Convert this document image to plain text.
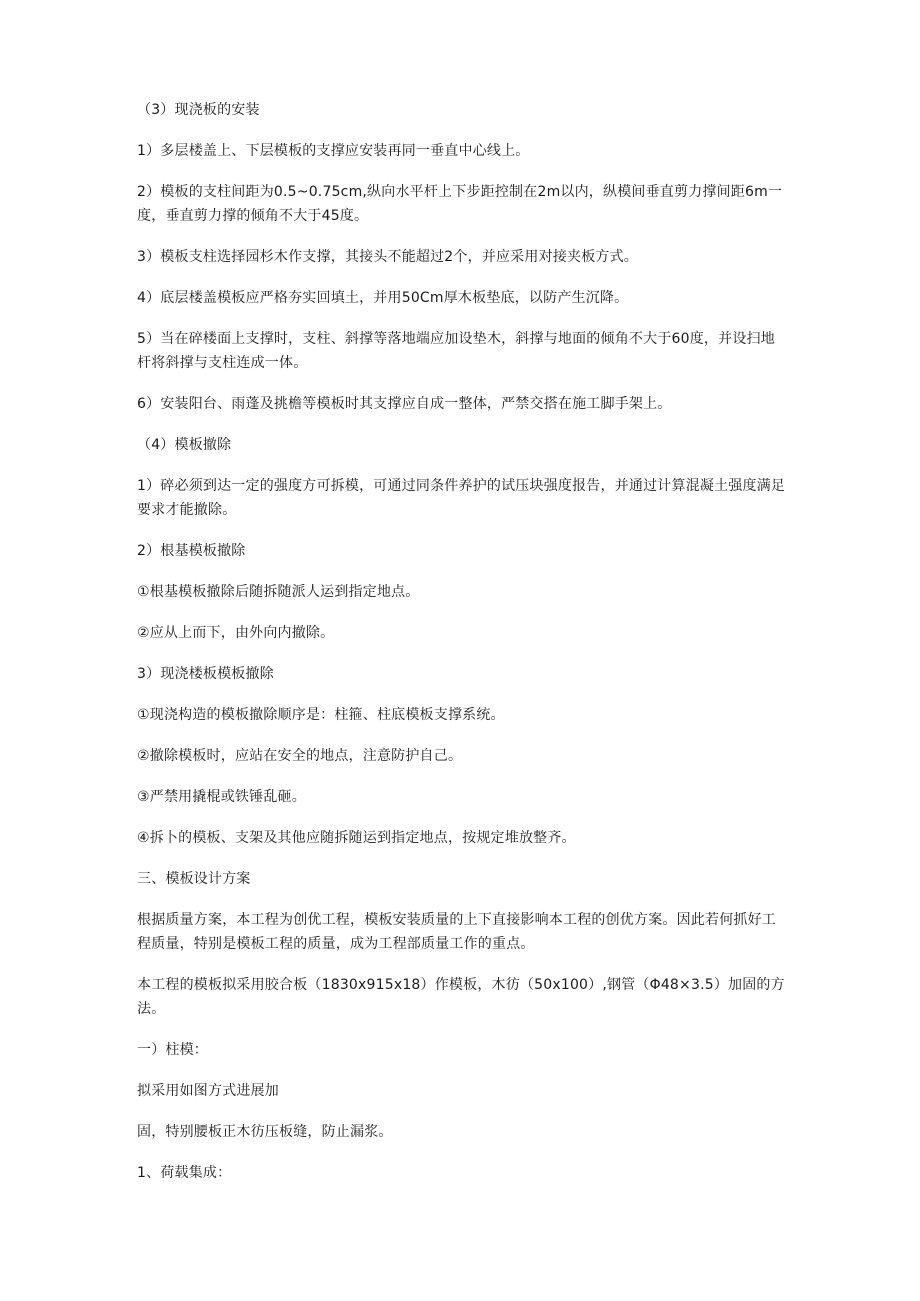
（3）现浇板的安装

1）多层楼盖上、下层模板的支撑应安装再同一垂直中心线上。

2）模板的支柱间距为0.5~0.75cm,纵向水平杆上下步距控制在2m以内，纵模间垂直剪力撑间距6m一度，垂直剪力撑的倾角不大于45度。

3）模板支柱选择园杉木作支撑，其接头不能超过2个，并应采用对接夹板方式。

4）底层楼盖模板应严格夯实回填土，并用50Cm厚木板垫底，以防产生沉降。

5）当在碎楼面上支撑时，支柱、斜撑等落地端应加设垫木，斜撑与地面的倾角不大于60度，并设扫地杆将斜撑与支柱连成一体。

6）安装阳台、雨蓬及挑檐等模板时其支撑应自成一整体，严禁交搭在施工脚手架上。

（4）模板撤除

1）碎必须到达一定的强度方可拆模，可通过同条件养护的试压块强度报告，并通过计算混凝土强度满足要求才能撤除。

2）根基模板撤除

①根基模板撤除后随拆随派人运到指定地点。

②应从上而下，由外向内撤除。

3）现浇楼板模板撤除

①现浇构造的模板撤除顺序是：柱箍、柱底模板支撑系统。

②撤除模板时，应站在安全的地点，注意防护自己。

③严禁用撬棍或铁锤乱砸。

④拆卜的模板、支架及其他应随拆随运到指定地点，按规定堆放整齐。

三、模板设计方案

根据质量方案，本工程为创优工程，模板安装质量的上下直接影响本工程的创优方案。因此若何抓好工程质量，特别是模板工程的质量，成为工程部质量工作的重点。

本工程的模板拟采用胶合板（1830x915x18）作模板，木彷（50x100）,钢管（Φ48×3.5）加固的方法。

一）柱模：

拟采用如图方式进展加

固，特别腰板正木彷压板缝，防止漏浆。

1、荷载集成：
